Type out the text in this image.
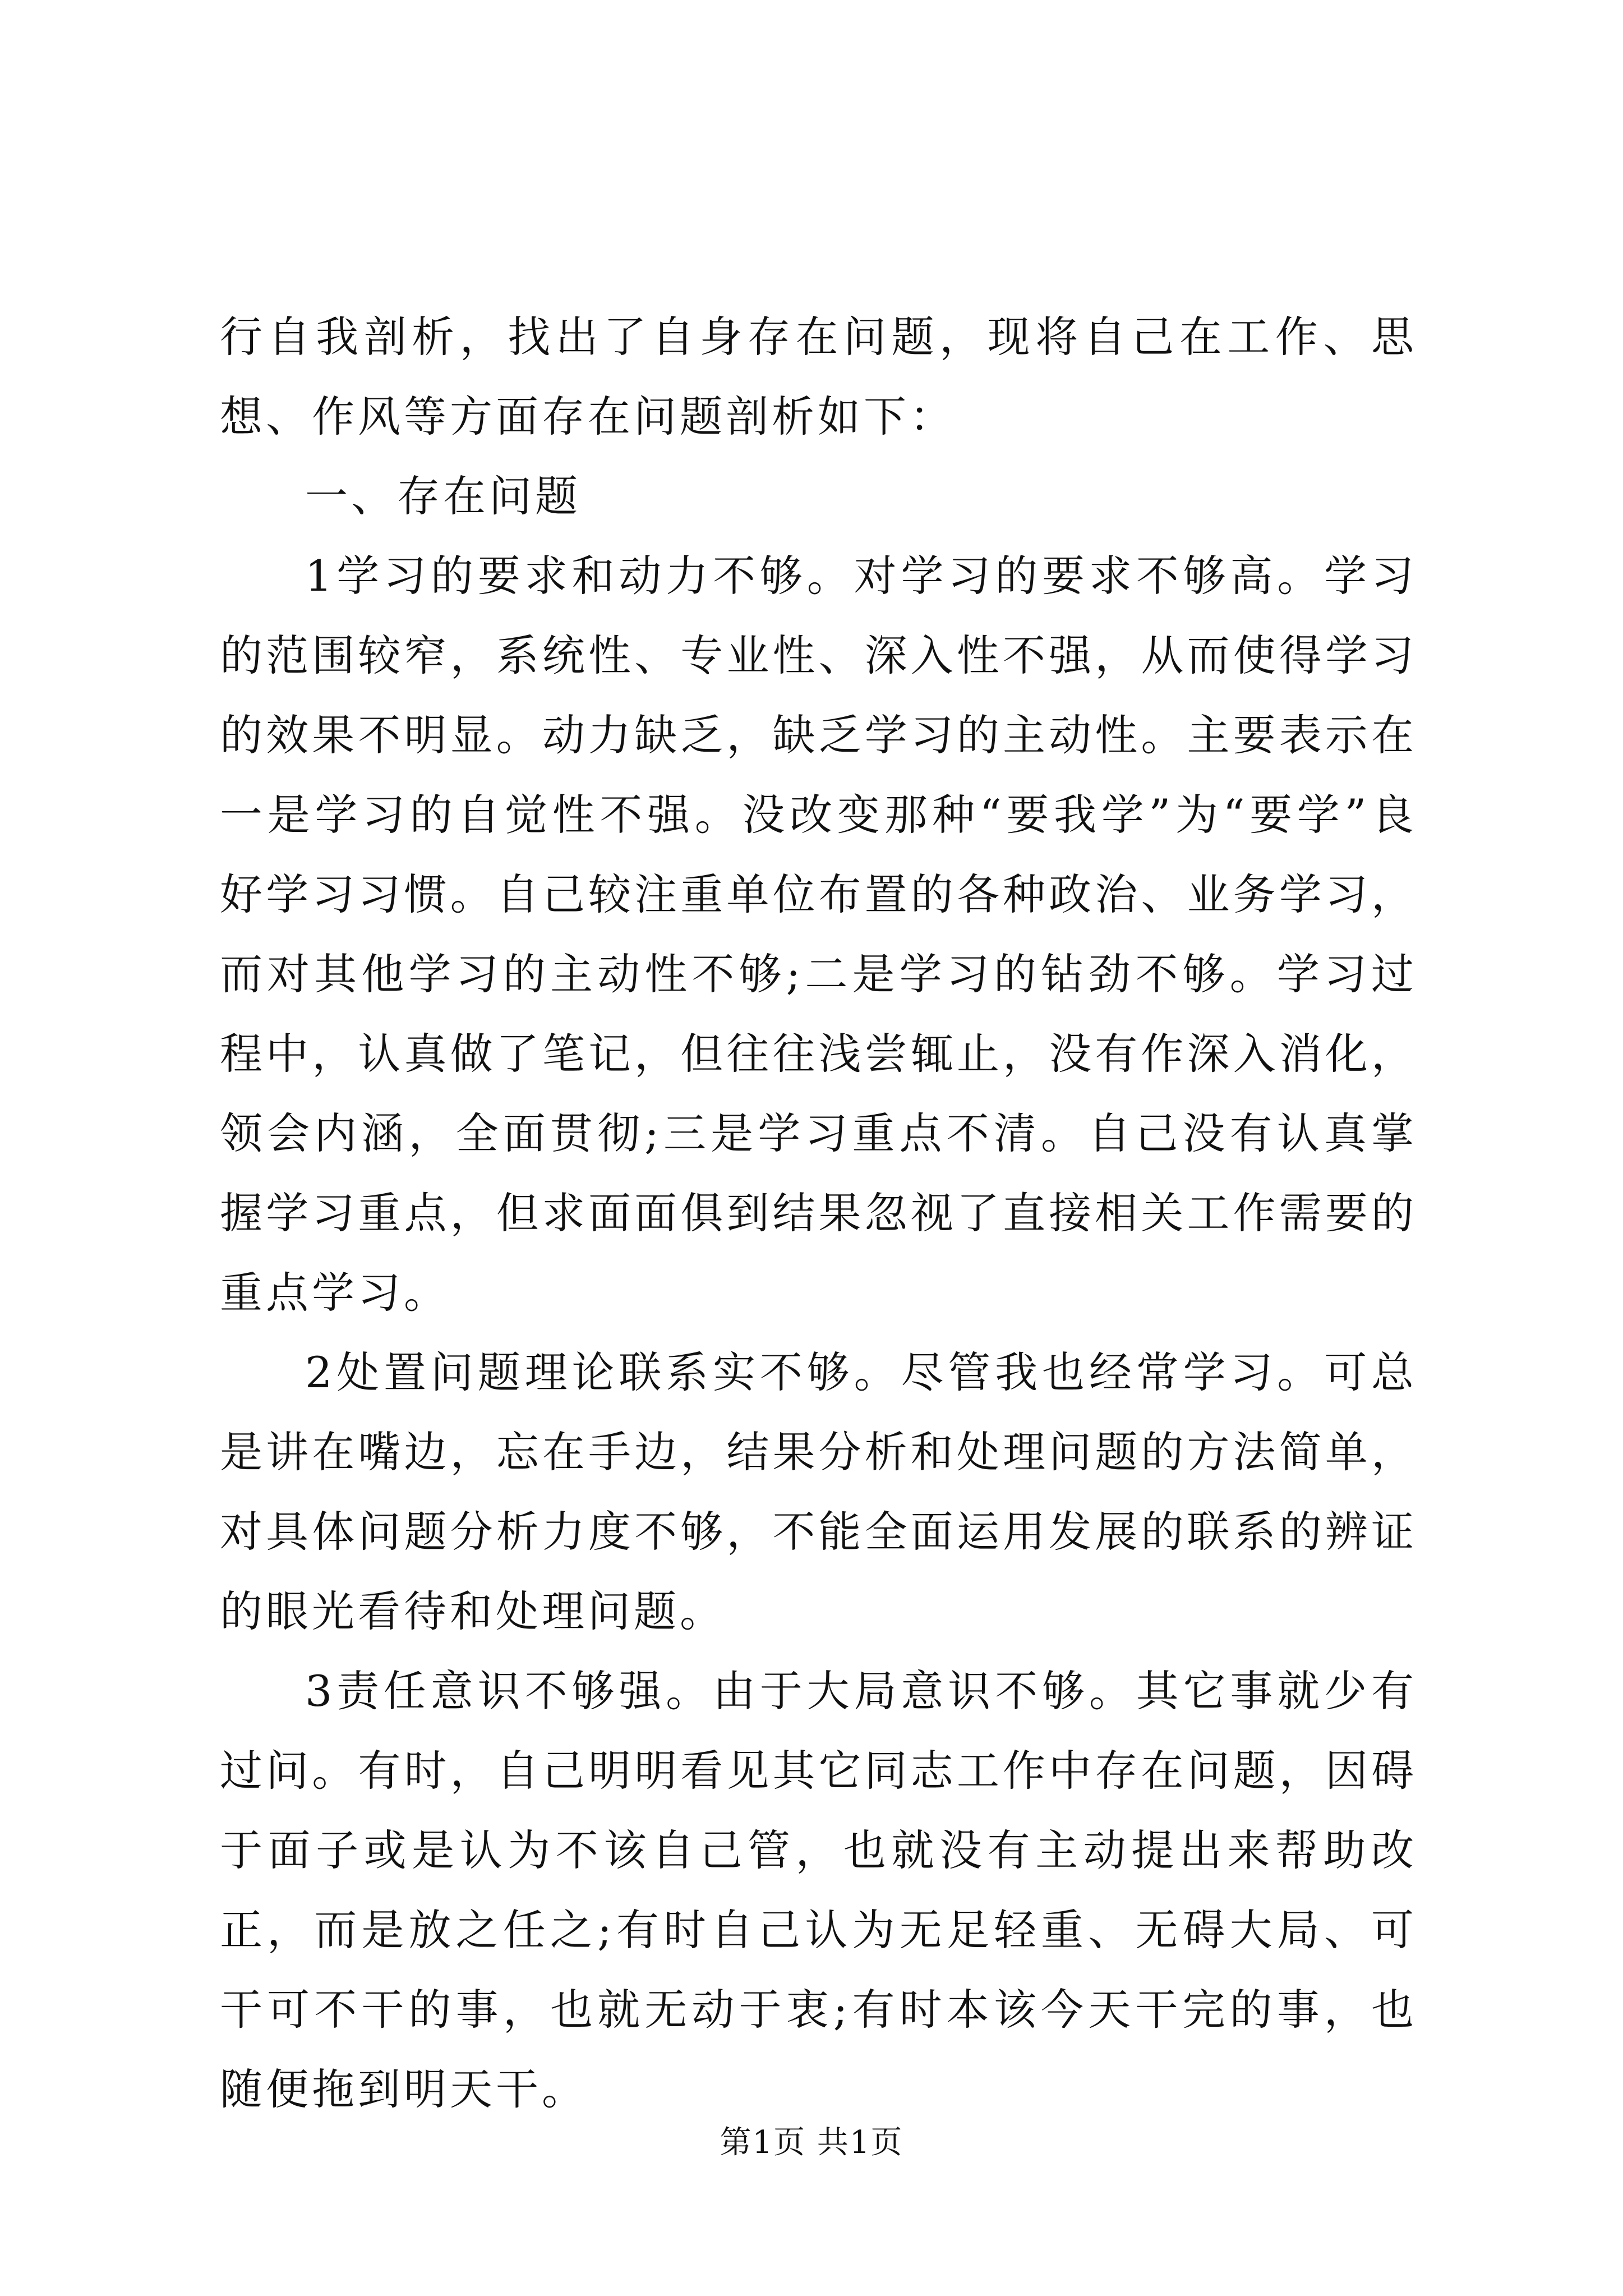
行自我剖析，找出了自身存在问题，现将自己在工作、思想、作风等方面存在问题剖析如下：

一、存在问题

1学习的要求和动力不够。对学习的要求不够高。学习的范围较窄，系统性、专业性、深入性不强，从而使得学习的效果不明显。动力缺乏，缺乏学习的主动性。主要表示在一是学习的自觉性不强。没改变那种“要我学”为“要学”良好学习习惯。自己较注重单位布置的各种政治、业务学习，而对其他学习的主动性不够;二是学习的钻劲不够。学习过程中，认真做了笔记，但往往浅尝辄止，没有作深入消化，领会内涵，全面贯彻;三是学习重点不清。自己没有认真掌握学习重点，但求面面俱到结果忽视了直接相关工作需要的重点学习。

2处置问题理论联系实不够。尽管我也经常学习。可总是讲在嘴边，忘在手边，结果分析和处理问题的方法简单，对具体问题分析力度不够，不能全面运用发展的联系的辨证的眼光看待和处理问题。

3责任意识不够强。由于大局意识不够。其它事就少有过问。有时，自己明明看见其它同志工作中存在问题，因碍于面子或是认为不该自己管，也就没有主动提出来帮助改正，而是放之任之;有时自己认为无足轻重、无碍大局、可干可不干的事，也就无动于衷;有时本该今天干完的事，也随便拖到明天干。

第1页 共1页
